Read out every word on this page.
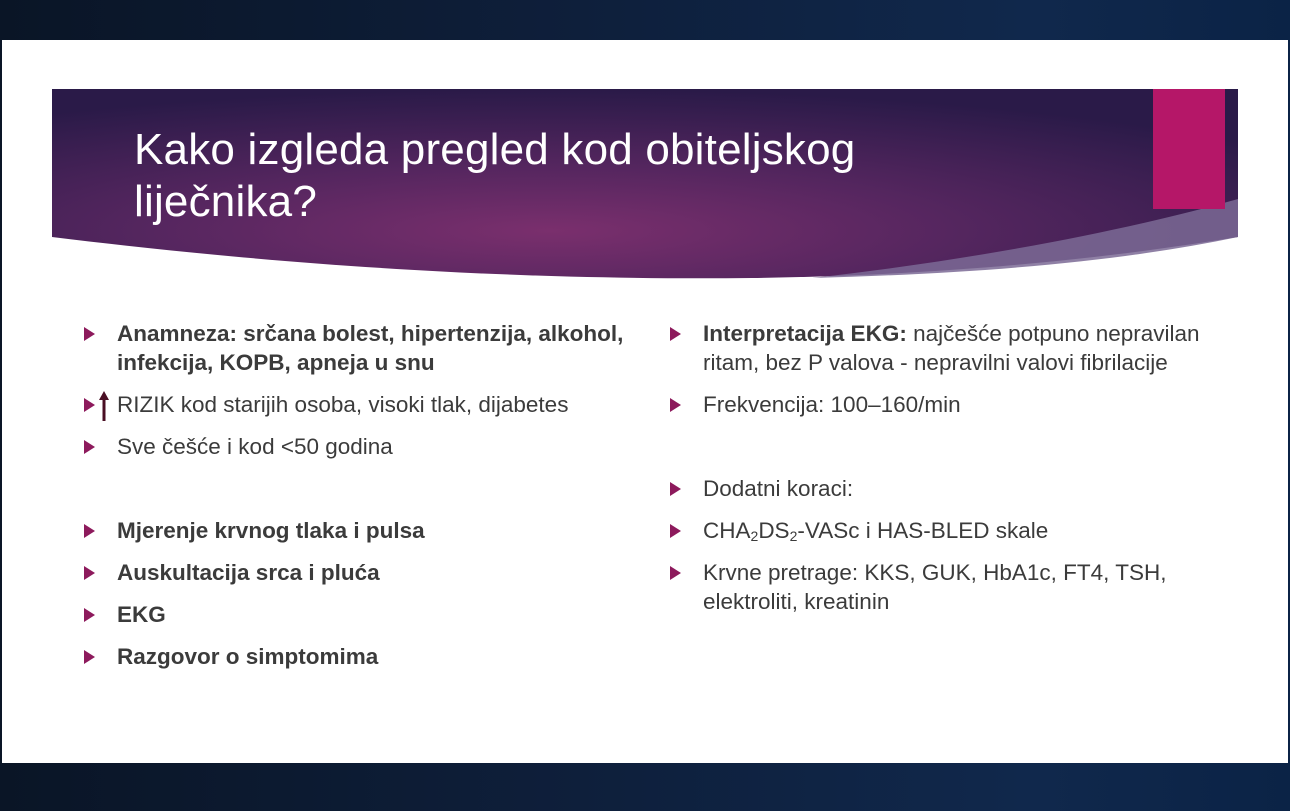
Kako izgleda pregled kod obiteljskog liječnika?
Anamneza: srčana bolest, hipertenzija, alkohol, infekcija, KOPB, apneja u snu
RIZIK kod starijih osoba, visoki tlak, dijabetes
Sve češće i kod <50 godina
Mjerenje krvnog tlaka i pulsa
Auskultacija srca i pluća
EKG
Razgovor o simptomima
Interpretacija EKG: najčešće potpuno nepravilan ritam, bez P valova - nepravilni valovi fibrilacije
Frekvencija: 100–160/min
Dodatni koraci:
$CHA_2DS_2$-VASc i HAS-BLED skale
Krvne pretrage: KKS, GUK, HbA1c, FT4, TSH, elektroliti, kreatinin
